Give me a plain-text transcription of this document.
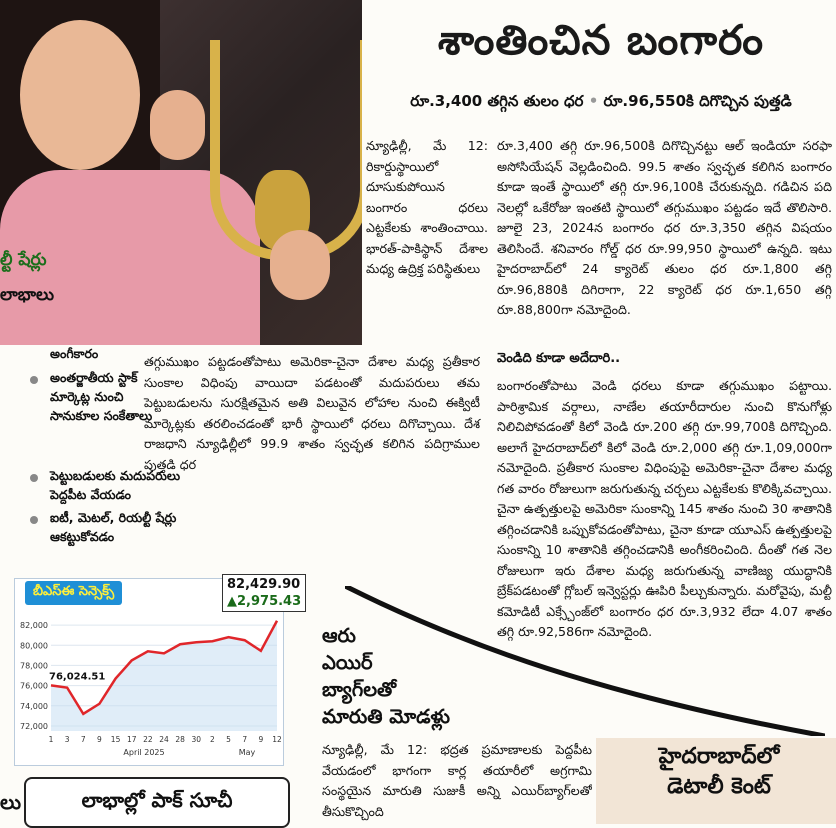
శాంతించిన బంగారం
రూ.3,400 తగ్గిన తులం ధర • రూ.96,550కి దిగొచ్చిన పుత్తడి
న్యూఢిల్లీ, మే 12: రికార్డుస్థాయిలో దూసుకుపోయిన బంగారం ధరలు ఎట్టకేలకు శాంతించాయి. భారత్-పాకిస్థాన్ దేశాల మధ్య ఉద్రిక్త పరిస్థితులు
రూ.3,400 తగ్గి రూ.96,500కి దిగొచ్చినట్టు ఆల్ ఇండియా సరఫా అసోసియేషన్ వెల్లడించింది. 99.5 శాతం స్వచ్ఛత కలిగిన బంగారం కూడా ఇంతే స్థాయిలో తగ్గి రూ.96,100కి చేరుకున్నది. గడిచిన పది నెలల్లో ఒకేరోజు ఇంతటి స్థాయిలో తగ్గుముఖం పట్టడం ఇదే తొలిసారి. జూలై 23, 2024న బంగారం ధర రూ.3,350 తగ్గిన విషయం తెలిసిందే. శనివారం గోల్డ్ ధర రూ.99,950 స్థాయిలో ఉన్నది. ఇటు హైదరాబాద్‌లో 24 క్యారెట్ తులం ధర రూ.1,800 తగ్గి రూ.96,880కి దిగిరాగా, 22 క్యారెట్ ధర రూ.1,650 తగ్గి రూ.88,800గా నమోదైంది.
తగ్గుముఖం పట్టడంతోపాటు అమెరికా-చైనా దేశాల మధ్య ప్రతీకార సుంకాల విధింపు వాయిదా పడటంతో మదుపరులు తమ పెట్టుబడులను సురక్షితమైన అతి విలువైన లోహాల నుంచి ఈక్విటీ మార్కెట్లకు తరలించడంతో భారీ స్థాయిలో ధరలు దిగొచ్చాయి. దేశ రాజధాని న్యూఢిల్లీలో 99.9 శాతం స్వచ్ఛత కలిగిన పదిగ్రాముల పుత్తడి ధర
వెండిది కూడా అదేదారి..
బంగారంతోపాటు వెండి ధరలు కూడా తగ్గుముఖం పట్టాయి. పారిశ్రామిక వర్గాలు, నాణేల తయారీదారుల నుంచి కొనుగోళ్లు నిలిచిపోవడంతో కిలో వెండి రూ.200 తగ్గి రూ.99,700కి దిగొచ్చింది. అలాగే హైదరాబాద్‌లో కిలో వెండి రూ.2,000 తగ్గి రూ.1,09,000గా నమోదైంది. ప్రతీకార సుంకాల విధింపుపై అమెరికా-చైనా దేశాల మధ్య గత వారం రోజులుగా జరుగుతున్న చర్చలు ఎట్టకేలకు కొలిక్కివచ్చాయి. చైనా ఉత్పత్తులపై అమెరికా సుంకాన్ని 145 శాతం నుంచి 30 శాతానికి తగ్గించడానికి ఒప్పుకోవడంతోపాటు, చైనా కూడా యూఎస్ ఉత్పత్తులపై సుంకాన్ని 10 శాతానికి తగ్గించడానికి అంగీకరించింది. దీంతో గత నెల రోజులుగా ఇరు దేశాల మధ్య జరుగుతున్న వాణిజ్య యుద్ధానికి బ్రేక్‌పడటంతో గ్లోబల్ ఇన్వెస్టర్లు ఊపిరి పీల్చుకున్నారు. మరోవైపు, మల్టీ కమోడిటీ ఎక్స్చేంజ్‌లో బంగారం ధర రూ.3,932 లేదా 4.07 శాతం తగ్గి రూ.92,586గా నమోదైంది.
ఆరు
ఎయిర్
బ్యాగ్‌లతో
మారుతి మోడళ్లు
న్యూఢిల్లీ, మే 12: భద్రత ప్రమాణాలకు పెద్దపీట వేయడంలో భాగంగా కార్ల తయారీలో అగ్రగామి సంస్థయైన మారుతి సుజుకీ అన్ని ఎయిర్‌బ్యాగ్‌లతో తీసుకొచ్చింది
ల్టీ షేర్లు
లాభాలు
అంగీకారం
అంతర్జాతీయ స్టాక్ మార్కెట్ల నుంచి సానుకూల సంకేతాలు
పెట్టుబడులకు మదుపరులు పెద్దపీట వేయడం
ఐటీ, మెటల్, రియల్టీ షేర్లు ఆకట్టుకోవడం
82,000
80,000
78,000
76,000
74,000
72,000
1 3 7 9 15 17 22 24 28 30 2 5 7 9 12
April 2025	May
76,024.51
బీఎస్ఈ సెన్సెక్స్	82,429.90
▲2,975.43
లు	లాభాల్లో పాక్ సూచీ
హైదరాబాద్‌లో
డెటాలీ కెంట్
